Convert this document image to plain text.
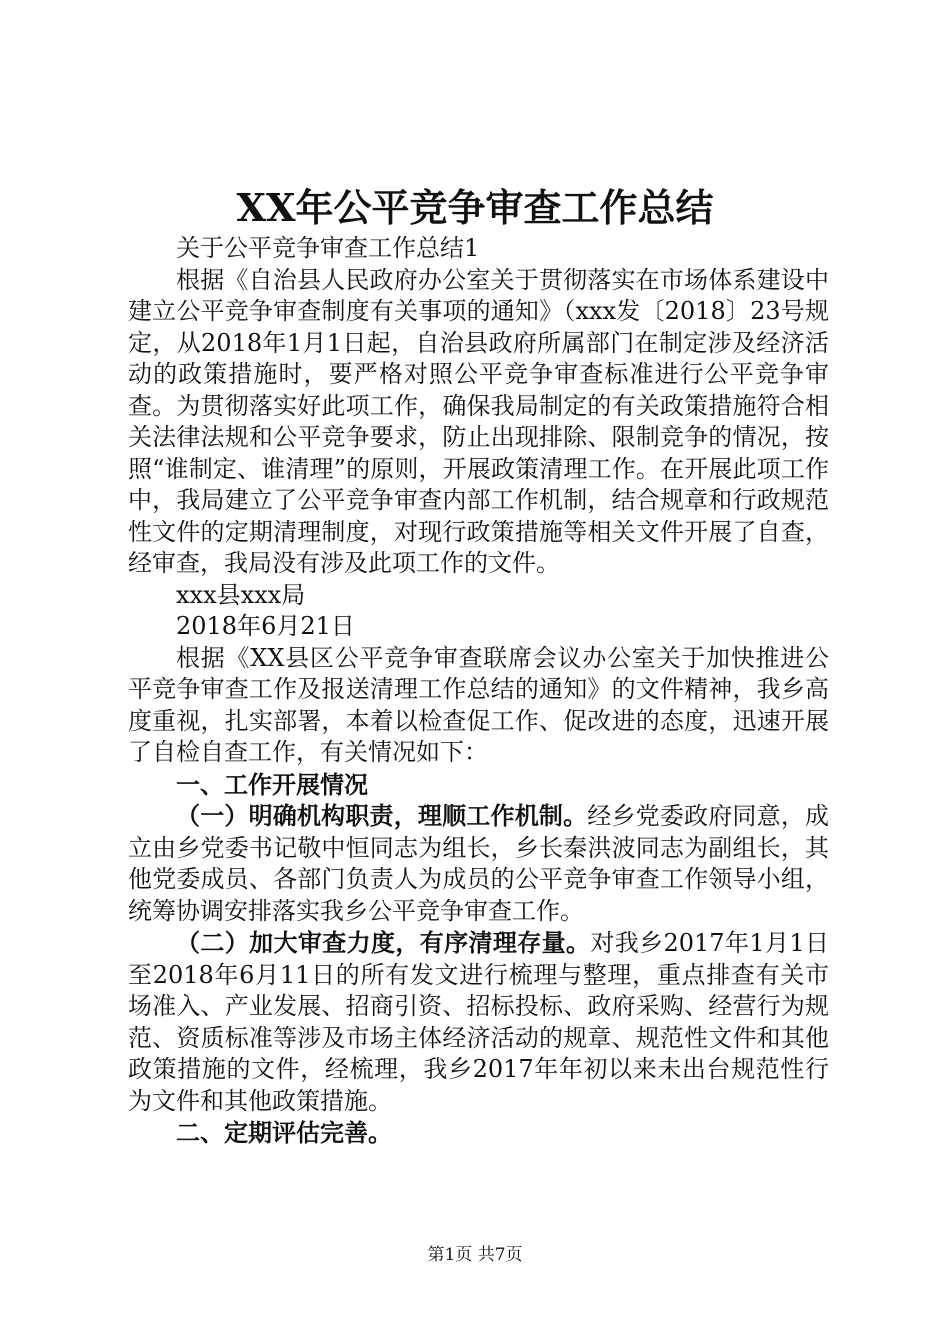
XX年公平竞争审查工作总结

关于公平竞争审查工作总结1

根据《自治县人民政府办公室关于贯彻落实在市场体系建设中建立公平竞争审查制度有关事项的通知》（xxx发〔2018〕23号规定，从2018年1月1日起，自治县政府所属部门在制定涉及经济活动的政策措施时，要严格对照公平竞争审查标准进行公平竞争审查。为贯彻落实好此项工作，确保我局制定的有关政策措施符合相关法律法规和公平竞争要求，防止出现排除、限制竞争的情况，按照“谁制定、谁清理”的原则，开展政策清理工作。在开展此项工作中，我局建立了公平竞争审查内部工作机制，结合规章和行政规范性文件的定期清理制度，对现行政策措施等相关文件开展了自查，经审查，我局没有涉及此项工作的文件。

xxx县xxx局

2018年6月21日

根据《XX县区公平竞争审查联席会议办公室关于加快推进公平竞争审查工作及报送清理工作总结的通知》的文件精神，我乡高度重视，扎实部署，本着以检查促工作、促改进的态度，迅速开展了自检自查工作，有关情况如下：

一、工作开展情况

（一）明确机构职责，理顺工作机制。经乡党委政府同意，成立由乡党委书记敬中恒同志为组长，乡长秦洪波同志为副组长，其他党委成员、各部门负责人为成员的公平竞争审查工作领导小组，统筹协调安排落实我乡公平竞争审查工作。

（二）加大审查力度，有序清理存量。对我乡2017年1月1日至2018年6月11日的所有发文进行梳理与整理，重点排查有关市场准入、产业发展、招商引资、招标投标、政府采购、经营行为规范、资质标准等涉及市场主体经济活动的规章、规范性文件和其他政策措施的文件，经梳理，我乡2017年年初以来未出台规范性行为文件和其他政策措施。

二、定期评估完善。

第1页 共7页
